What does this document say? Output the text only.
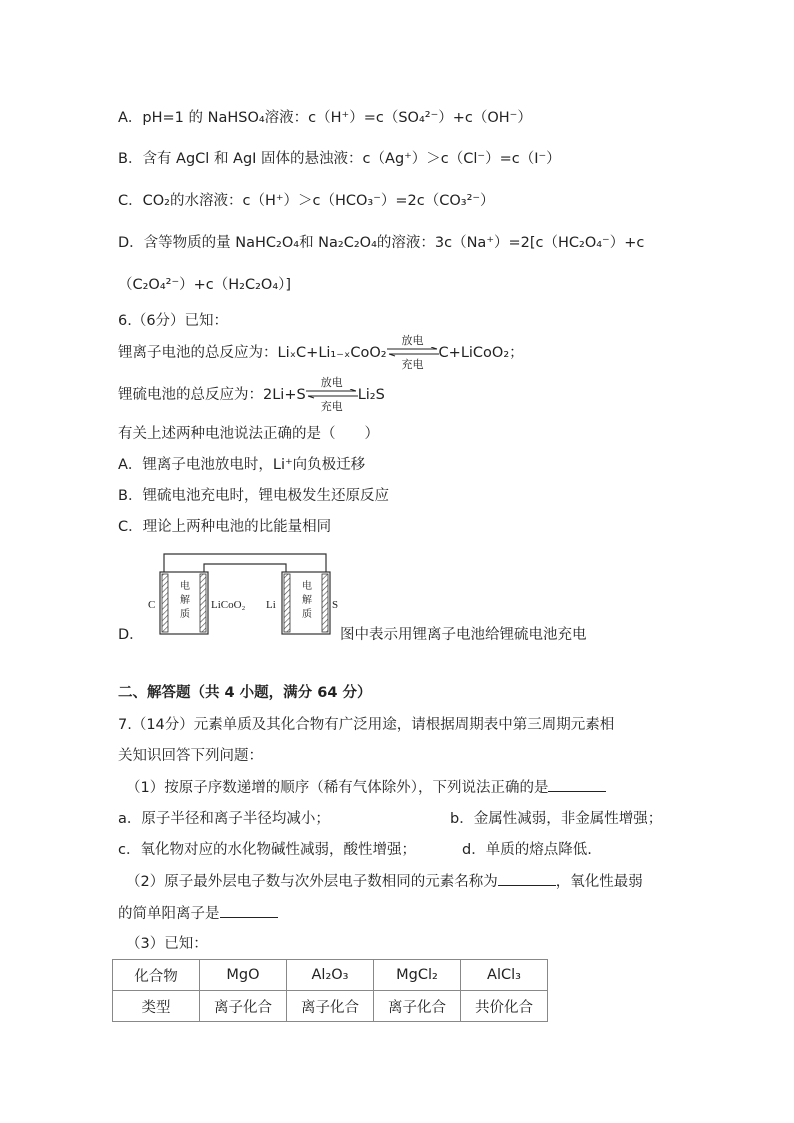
A．pH=1 的 NaHSO₄溶液：c（H⁺）=c（SO₄²⁻）+c（OH⁻）
B．含有 AgCl 和 AgI 固体的悬浊液：c（Ag⁺）＞c（Cl⁻）=c（I⁻）
C．CO₂的水溶液：c（H⁺）＞c（HCO₃⁻）=2c（CO₃²⁻）
D．含等物质的量 NaHC₂O₄和 Na₂C₂O₄的溶液：3c（Na⁺）=2[c（HC₂O₄⁻）+c
（C₂O₄²⁻）+c（H₂C₂O₄）]
6.（6分）已知：
锂离子电池的总反应为：LiₓC+Li₁₋ₓCoO₂
放电
充电
C+LiCoO₂；
锂硫电池的总反应为：2Li+S
放电
充电
Li₂S
有关上述两种电池说法正确的是（　　）
A．锂离子电池放电时，Li⁺向负极迁移
B．锂硫电池充电时，锂电极发生还原反应
C．理论上两种电池的比能量相同
D．
C
电
解
质
LiCoO₂ Li
电
解
质
S
图中表示用锂离子电池给锂硫电池充电
二、解答题（共 4 小题，满分 64 分）
7.（14分）元素单质及其化合物有广泛用途，请根据周期表中第三周期元素相
关知识回答下列问题：
（1）按原子序数递增的顺序（稀有气体除外），下列说法正确的是
a．原子半径和离子半径均减小；	b．金属性减弱，非金属性增强；
c．氧化物对应的水化物碱性减弱，酸性增强；	d．单质的熔点降低.
（2）原子最外层电子数与次外层电子数相同的元素名称为	，氧化性最弱
的简单阳离子是
（3）已知：
化合物	MgO	Al₂O₃	MgCl₂	AlCl₃
类型	离子化合	离子化合	离子化合	共价化合
